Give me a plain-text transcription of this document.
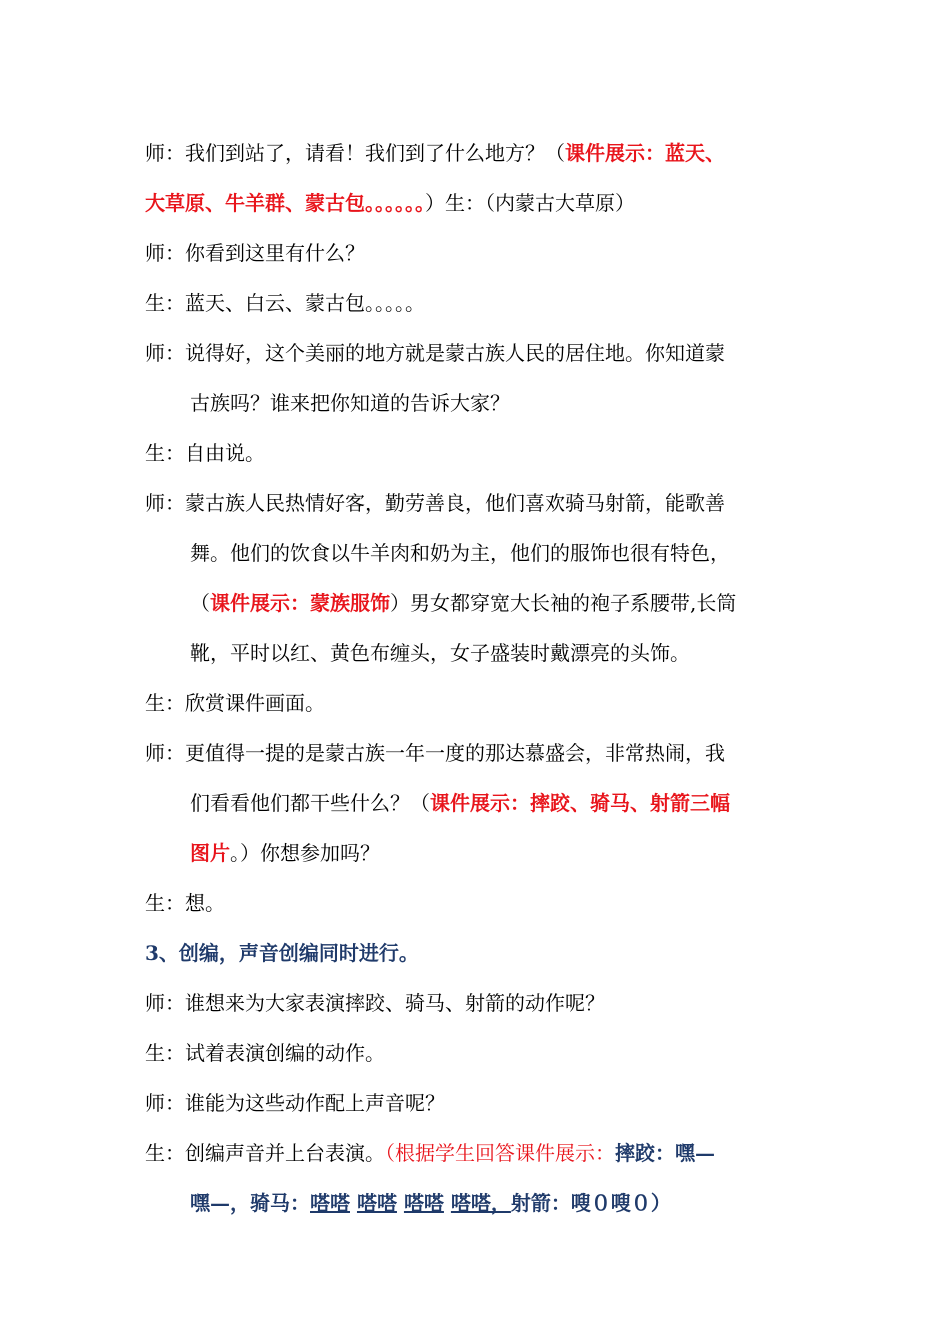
师：我们到站了，请看！我们到了什么地方？（课件展示：蓝天、
大草原、牛羊群、蒙古包。。。。。。）生：（内蒙古大草原）
师：你看到这里有什么？
生：蓝天、白云、蒙古包。。。。。
师：说得好，这个美丽的地方就是蒙古族人民的居住地。你知道蒙
古族吗？谁来把你知道的告诉大家？
生：自由说。
师：蒙古族人民热情好客，勤劳善良，他们喜欢骑马射箭，能歌善
舞。他们的饮食以牛羊肉和奶为主，他们的服饰也很有特色，
（课件展示：蒙族服饰）男女都穿宽大长袖的袍子系腰带,长筒
靴，平时以红、黄色布缠头，女子盛装时戴漂亮的头饰。
生：欣赏课件画面。
师：更值得一提的是蒙古族一年一度的那达慕盛会，非常热闹，我
们看看他们都干些什么？（课件展示：摔跤、骑马、射箭三幅
图片。）你想参加吗？
生：想。
3、创编，声音创编同时进行。
师：谁想来为大家表演摔跤、骑马、射箭的动作呢？
生：试着表演创编的动作。
师：谁能为这些动作配上声音呢？
生：创编声音并上台表演。（根据学生回答课件展示：摔跤：嘿—
嘿—，骑马：嗒嗒 嗒嗒 嗒嗒 嗒嗒，射箭：嗖０嗖０）
